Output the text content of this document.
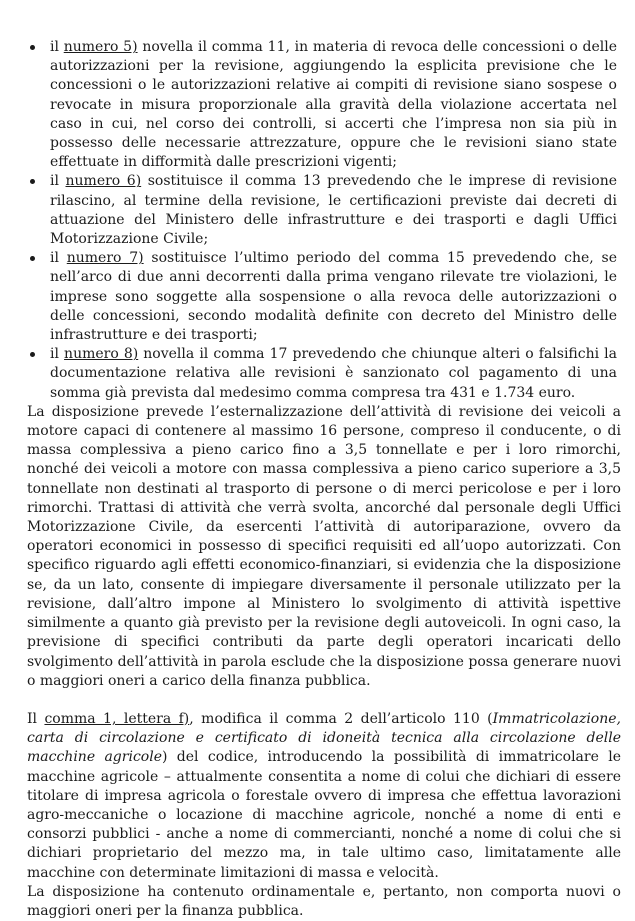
il numero 5) novella il comma 11, in materia di revoca delle concessioni o delle autorizzazioni per la revisione, aggiungendo la esplicita previsione che le concessioni o le autorizzazioni relative ai compiti di revisione siano sospese o revocate in misura proporzionale alla gravità della violazione accertata nel caso in cui, nel corso dei controlli, si accerti che l’impresa non sia più in possesso delle necessarie attrezzature, oppure che le revisioni siano state effettuate in difformità dalle prescrizioni vigenti;
il numero 6) sostituisce il comma 13 prevedendo che le imprese di revisione rilascino, al termine della revisione, le certificazioni previste dai decreti di attuazione del Ministero delle infrastrutture e dei trasporti e dagli Uffici Motorizzazione Civile;
il numero 7) sostituisce l’ultimo periodo del comma 15 prevedendo che, se nell’arco di due anni decorrenti dalla prima vengano rilevate tre violazioni, le imprese sono soggette alla sospensione o alla revoca delle autorizzazioni o delle concessioni, secondo modalità definite con decreto del Ministro delle infrastrutture e dei trasporti;
il numero 8) novella il comma 17 prevedendo che chiunque alteri o falsifichi la documentazione relativa alle revisioni è sanzionato col pagamento di una somma già prevista dal medesimo comma compresa tra 431 e 1.734 euro.

La disposizione prevede l’esternalizzazione dell’attività di revisione dei veicoli a motore capaci di contenere al massimo 16 persone, compreso il conducente, o di massa complessiva a pieno carico fino a 3,5 tonnellate e per i loro rimorchi, nonché dei veicoli a motore con massa complessiva a pieno carico superiore a 3,5 tonnellate non destinati al trasporto di persone o di merci pericolose e per i loro rimorchi. Trattasi di attività che verrà svolta, ancorché dal personale degli Uffici Motorizzazione Civile, da esercenti l’attività di autoriparazione, ovvero da operatori economici in possesso di specifici requisiti ed all’uopo autorizzati. Con specifico riguardo agli effetti economico-finanziari, si evidenzia che la disposizione se, da un lato, consente di impiegare diversamente il personale utilizzato per la revisione, dall’altro impone al Ministero lo svolgimento di attività ispettive similmente a quanto già previsto per la revisione degli autoveicoli. In ogni caso, la previsione di specifici contributi da parte degli operatori incaricati dello svolgimento dell’attività in parola esclude che la disposizione possa generare nuovi o maggiori oneri a carico della finanza pubblica.

Il comma 1, lettera f), modifica il comma 2 dell’articolo 110 (Immatricolazione, carta di circolazione e certificato di idoneità tecnica alla circolazione delle macchine agricole) del codice, introducendo la possibilità di immatricolare le macchine agricole – attualmente consentita a nome di colui che dichiari di essere titolare di impresa agricola o forestale ovvero di impresa che effettua lavorazioni agro-meccaniche o locazione di macchine agricole, nonché a nome di enti e consorzi pubblici - anche a nome di commercianti, nonché a nome di colui che si dichiari proprietario del mezzo ma, in tale ultimo caso, limitatamente alle macchine con determinate limitazioni di massa e velocità.

La disposizione ha contenuto ordinamentale e, pertanto, non comporta nuovi o maggiori oneri per la finanza pubblica.
